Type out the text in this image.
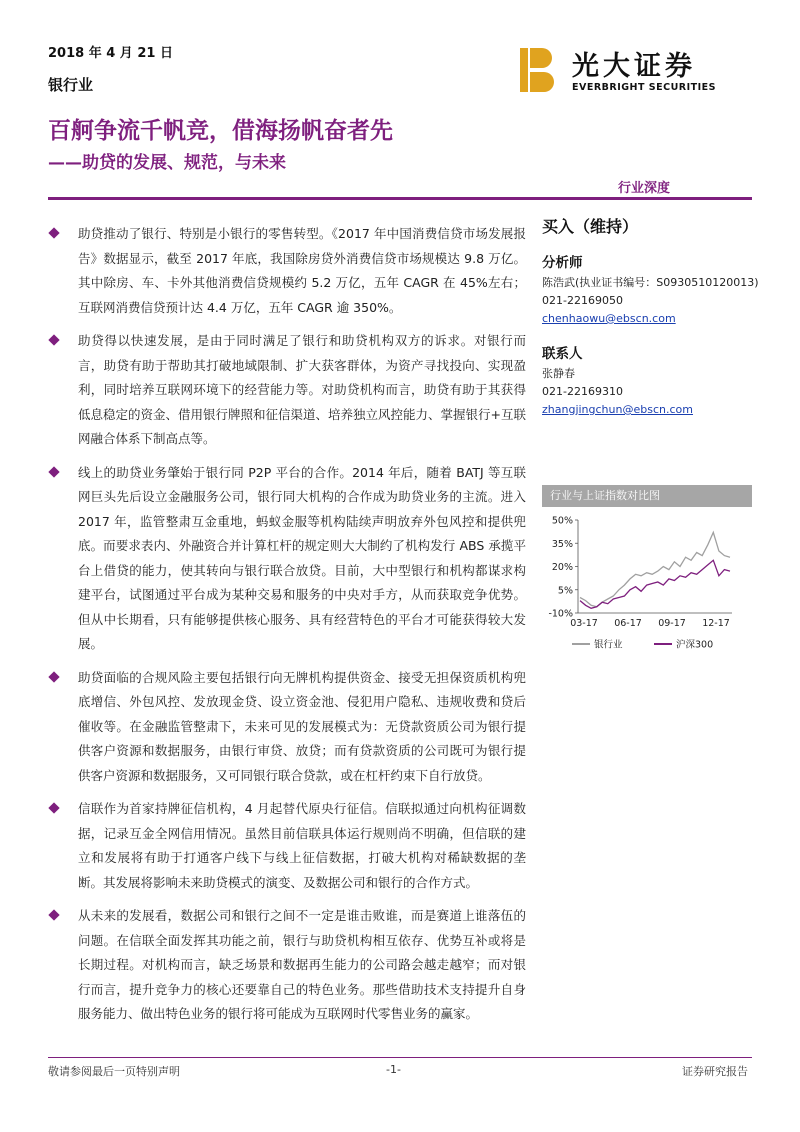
2018 年 4 月 21 日
银行业
百舸争流千帆竞，借海扬帆奋者先
——助贷的发展、规范，与未来
光大证券
EVERBRIGHT SECURITIES
行业深度
助贷推动了银行、特别是小银行的零售转型。《2017 年中国消费信贷市场发展报告》数据显示，截至 2017 年底，我国除房贷外消费信贷市场规模达 9.8 万亿。其中除房、车、卡外其他消费信贷规模约 5.2 万亿，五年 CAGR 在 45%左右；互联网消费信贷预计达 4.4 万亿，五年 CAGR 逾 350%。
助贷得以快速发展，是由于同时满足了银行和助贷机构双方的诉求。对银行而言，助贷有助于帮助其打破地域限制、扩大获客群体，为资产寻找投向、实现盈利，同时培养互联网环境下的经营能力等。对助贷机构而言，助贷有助于其获得低息稳定的资金、借用银行牌照和征信渠道、培养独立风控能力、掌握银行+互联网融合体系下制高点等。
线上的助贷业务肇始于银行同 P2P 平台的合作。2014 年后，随着 BATJ 等互联网巨头先后设立金融服务公司，银行同大机构的合作成为助贷业务的主流。进入 2017 年，监管整肃互金重地，蚂蚁金服等机构陆续声明放弃外包风控和提供兜底。而要求表内、外融资合并计算杠杆的规定则大大制约了机构发行 ABS 承揽平台上借贷的能力，使其转向与银行联合放贷。目前，大中型银行和机构都谋求构建平台，试图通过平台成为某种交易和服务的中央对手方，从而获取竞争优势。但从中长期看，只有能够提供核心服务、具有经营特色的平台才可能获得较大发展。
助贷面临的合规风险主要包括银行向无牌机构提供资金、接受无担保资质机构兜底增信、外包风控、发放现金贷、设立资金池、侵犯用户隐私、违规收费和贷后催收等。在金融监管整肃下，未来可见的发展模式为：无贷款资质公司为银行提供客户资源和数据服务，由银行审贷、放贷；而有贷款资质的公司既可为银行提供客户资源和数据服务，又可同银行联合贷款，或在杠杆约束下自行放贷。
信联作为首家持牌征信机构，4 月起替代原央行征信。信联拟通过向机构征调数据，记录互金全网信用情况。虽然目前信联具体运行规则尚不明确，但信联的建立和发展将有助于打通客户线下与线上征信数据，打破大机构对稀缺数据的垄断。其发展将影响未来助贷模式的演变、及数据公司和银行的合作方式。
从未来的发展看，数据公司和银行之间不一定是谁击败谁，而是赛道上谁落伍的问题。在信联全面发挥其功能之前，银行与助贷机构相互依存、优势互补或将是长期过程。对机构而言，缺乏场景和数据再生能力的公司路会越走越窄；而对银行而言，提升竞争力的核心还要靠自己的特色业务。那些借助技术支持提升自身服务能力、做出特色业务的银行将可能成为互联网时代零售业务的赢家。
买入（维持）
分析师
陈浩武(执业证书编号：S0930510120013)
021-22169050
chenhaowu@ebscn.com
联系人
张静春
021-22169310
zhangjingchun@ebscn.com
行业与上证指数对比图
50%
35%
20%
5%
-10%
03-17 06-17 09-17 12-17
银行业	沪深300
敬请参阅最后一页特别声明	-1-	证券研究报告
